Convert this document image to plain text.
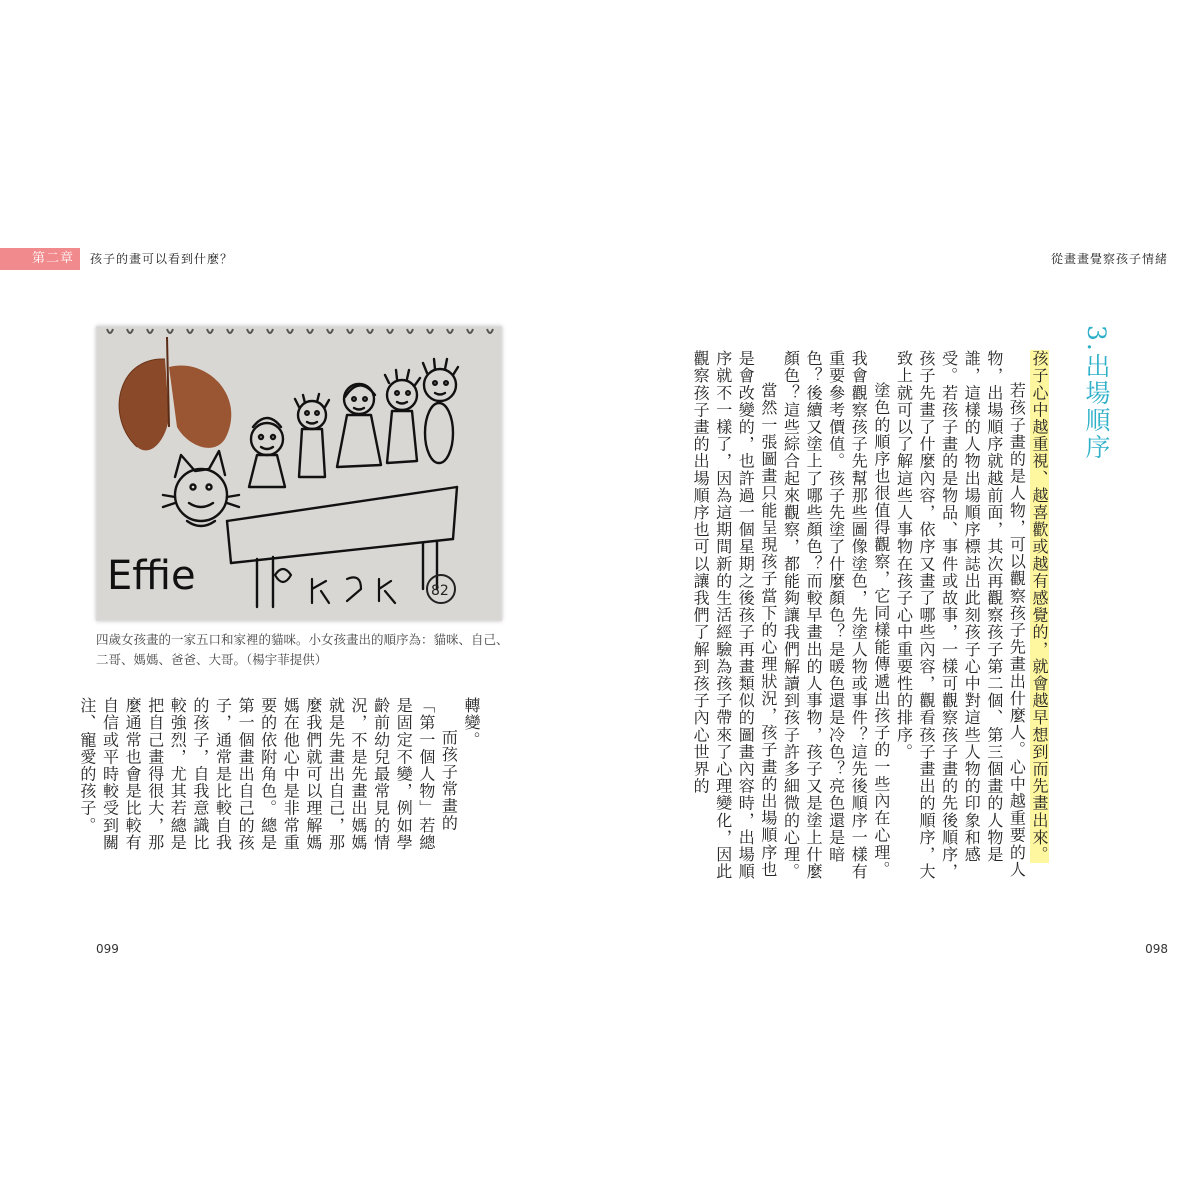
第二章	孩子的畫可以看到什麼？
Effie	82
四歲女孩畫的一家五口和家裡的貓咪。小女孩畫出的順序為：貓咪、自己、二哥、媽媽、爸爸、大哥。（楊宇菲提供）

轉變。

而孩子常畫的「第一個人物」若總是固定不變，例如學齡前幼兒最常見的情況，不是先畫出媽媽就是先畫出自己，那麼我們就可以理解媽媽在他心中是非常重要的依附角色。總是第一個畫出自己的孩子，通常是比較自我的孩子，自我意識比較強烈，尤其若總是把自己畫得很大，那麼通常也會是比較有自信或平時較受到關注、寵愛的孩子。

099
從畫畫覺察孩子情緒
3.出場順序

孩子心中越重視、越喜歡或越有感覺的，就會越早想到而先畫出來。

若孩子畫的是人物，可以觀察孩子先畫出什麼人。心中越重要的人物，出場順序就越前面，其次再觀察孩子第二個、第三個畫的人物是誰，這樣的人物出場順序標誌出此刻孩子心中對這些人物的印象和感受。若孩子畫的是物品、事件或故事，一樣可觀察孩子畫的先後順序，孩子先畫了什麼內容，依序又畫了哪些內容，觀看孩子畫出的順序，大致上就可以了解這些人事物在孩子心中重要性的排序。

塗色的順序也很值得觀察，它同樣能傳遞出孩子的一些內在心理。我會觀察孩子先幫那些圖像塗色，先塗人物或事件？這先後順序一樣有重要參考價值。孩子先塗了什麼顏色？是暖色還是冷色？亮色還是暗色？後續又塗上了哪些顏色？而較早畫出的人事物，孩子又是塗上什麼顏色？這些綜合起來觀察，都能夠讓我們解讀到孩子許多細微的心理。

當然一張圖畫只能呈現孩子當下的心理狀況，孩子畫的出場順序也是會改變的，也許過一個星期之後孩子再畫類似的圖畫內容時，出場順序就不一樣了，因為這期間新的生活經驗為孩子帶來了心理變化，因此觀察孩子畫的出場順序也可以讓我們了解到孩子內心世界的

098
